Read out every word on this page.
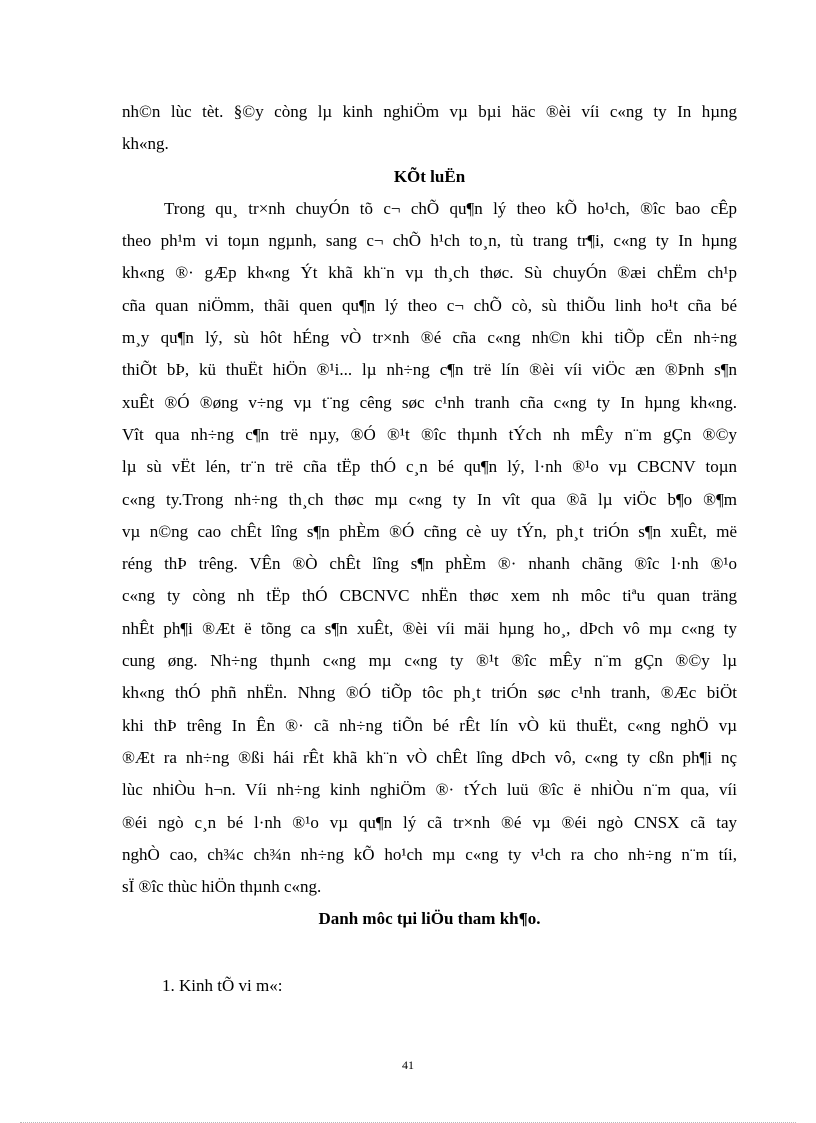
nh©n lùc tèt. §©y còng lµ kinh nghiÖm vµ bµi häc ®èi víi c«ng ty In hµng
kh«ng.

KÕt luËn

Trong qu¸ tr×nh chuyÓn tõ c¬ chÕ qu¶n lý theo kÕ ho¹ch, ®îc bao cÊp
theo ph¹m vi toµn ngµnh, sang c¬ chÕ h¹ch to¸n, tù trang tr¶i, c«ng ty In hµng
kh«ng ®· gÆp kh«ng Ýt khã kh¨n vµ th¸ch thøc. Sù chuyÓn ®æi chËm ch¹p
cña quan niÖmm, thãi quen qu¶n lý theo c¬ chÕ cò, sù thiÕu linh ho¹t cña bé
m¸y qu¶n lý, sù hôt hÉng vÒ tr×nh ®é cña c«ng nh©n khi tiÕp cËn nh÷ng
thiÕt bÞ, kü thuËt hiÖn ®¹i... lµ nh÷ng c¶n trë lín ®èi víi viÖc æn ®Þnh s¶n
xuÊt ®Ó ®øng v÷ng vµ t¨ng cêng søc c¹nh tranh cña c«ng ty In hµng kh«ng.
Vît qua nh÷ng c¶n trë nµy, ®Ó ®¹t ®îc thµnh tÝch nh mÊy n¨m gÇn ®©y
lµ sù vËt lén, tr¨n trë cña tËp thÓ c¸n bé qu¶n lý, l·nh ®¹o vµ CBCNV toµn
c«ng ty.Trong nh÷ng th¸ch thøc mµ c«ng ty In vît qua ®ã lµ viÖc b¶o ®¶m
vµ n©ng cao chÊt lîng s¶n phÈm ®Ó cñng cè uy tÝn, ph¸t triÓn s¶n xuÊt, më
réng thÞ trêng. VÊn ®Ò chÊt lîng s¶n phÈm ®· nhanh chãng ®îc l·nh ®¹o
c«ng ty còng nh tËp thÓ CBCNVC nhËn thøc xem nh môc tiªu quan träng
nhÊt ph¶i ®Æt ë tõng ca s¶n xuÊt, ®èi víi mäi hµng ho¸, dÞch vô mµ c«ng ty
cung øng. Nh÷ng thµnh c«ng mµ c«ng ty ®¹t ®îc mÊy n¨m gÇn ®©y lµ
kh«ng thÓ phñ nhËn. Nhng ®Ó tiÕp tôc ph¸t triÓn søc c¹nh tranh, ®Æc biÖt
khi thÞ trêng In Ên ®· cã nh÷ng tiÕn bé rÊt lín vÒ kü thuËt, c«ng nghÖ vµ
®Æt ra nh÷ng ®ßi hái rÊt khã kh¨n vÒ chÊt lîng dÞch vô, c«ng ty cßn ph¶i nç
lùc nhiÒu h¬n. Víi nh÷ng kinh nghiÖm ®· tÝch luü ®îc ë nhiÒu n¨m qua, víi
®éi ngò c¸n bé l·nh ®¹o vµ qu¶n lý cã tr×nh ®é vµ ®éi ngò CNSX cã tay
nghÒ cao, ch¾c ch¾n nh÷ng kÕ ho¹ch mµ c«ng ty v¹ch ra cho nh÷ng n¨m tíi,
sÏ ®îc thùc hiÖn thµnh c«ng.

Danh môc tµi liÖu tham kh¶o.

1. Kinh tÕ vi m«:

41
